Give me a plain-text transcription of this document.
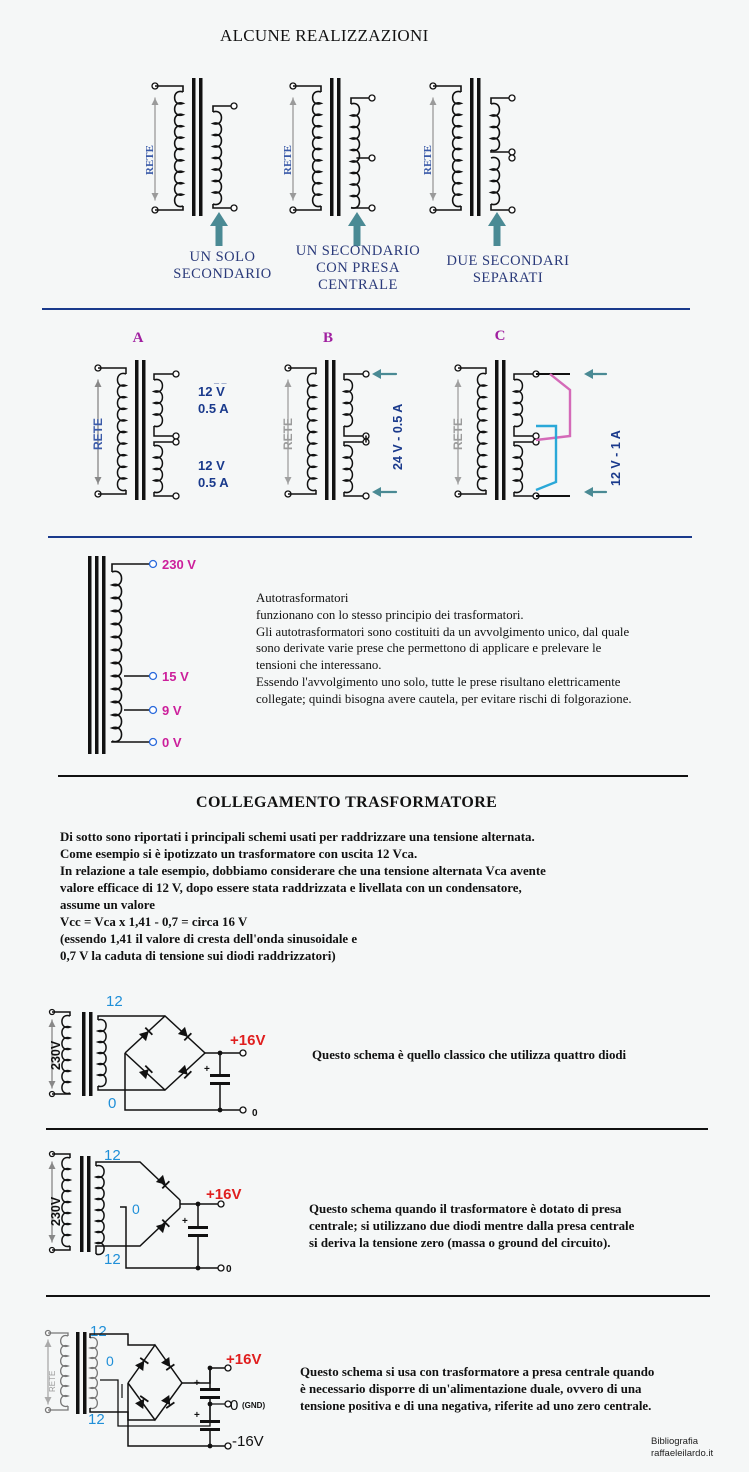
ALCUNE REALIZZAZIONI
RETE	RETE	RETE
UN SOLO
SECONDARIO
UN SECONDARIO
CON PRESA
CENTRALE
DUE SECONDARI
SEPARATI
A	B	C
RETE	RETE	RETE
12 V
_ _
0.5 A
12 V
0.5 A
24 V - 0.5 A	12 V - 1 A
230 V
15 V
9 V
0 V
Autotrasformatori
funzionano con lo stesso principio dei trasformatori.
Gli autotrasformatori sono costituiti da un avvolgimento unico, dal quale
sono derivate varie prese che permettono di applicare e prelevare le
tensioni che interessano.
Essendo l'avvolgimento uno solo, tutte le prese risultano elettricamente
collegate; quindi bisogna avere cautela, per evitare rischi di folgorazione.
COLLEGAMENTO TRASFORMATORE
Di sotto sono riportati i principali schemi usati per raddrizzare una tensione alternata.
Come esempio si è ipotizzato un trasformatore con uscita 12 Vca.
In relazione a tale esempio, dobbiamo considerare che una tensione alternata Vca avente
valore efficace di 12 V, dopo essere stata raddrizzata e livellata con un condensatore,
assume un valore
Vcc = Vca x 1,41 - 0,7 = circa 16 V
(essendo 1,41 il valore di cresta dell'onda sinusoidale e
0,7 V la caduta di tensione sui diodi raddrizzatori)
230V
12
0
+
+16V
0
230V
12
0
12
+
+16V
0
RETE
12
0
12
+
+
+16V
0 (GND)
-16V
Questo schema è quello classico che utilizza quattro diodi
Questo schema quando il trasformatore è dotato di presa
centrale; si utilizzano due diodi mentre dalla presa centrale
si deriva la tensione zero (massa o ground del circuito).
Questo schema si usa con trasformatore a presa centrale quando
è necessario disporre di un'alimentazione duale, ovvero di una
tensione positiva e di una negativa, riferite ad uno zero centrale.
Bibliografia
raffaeleilardo.it
